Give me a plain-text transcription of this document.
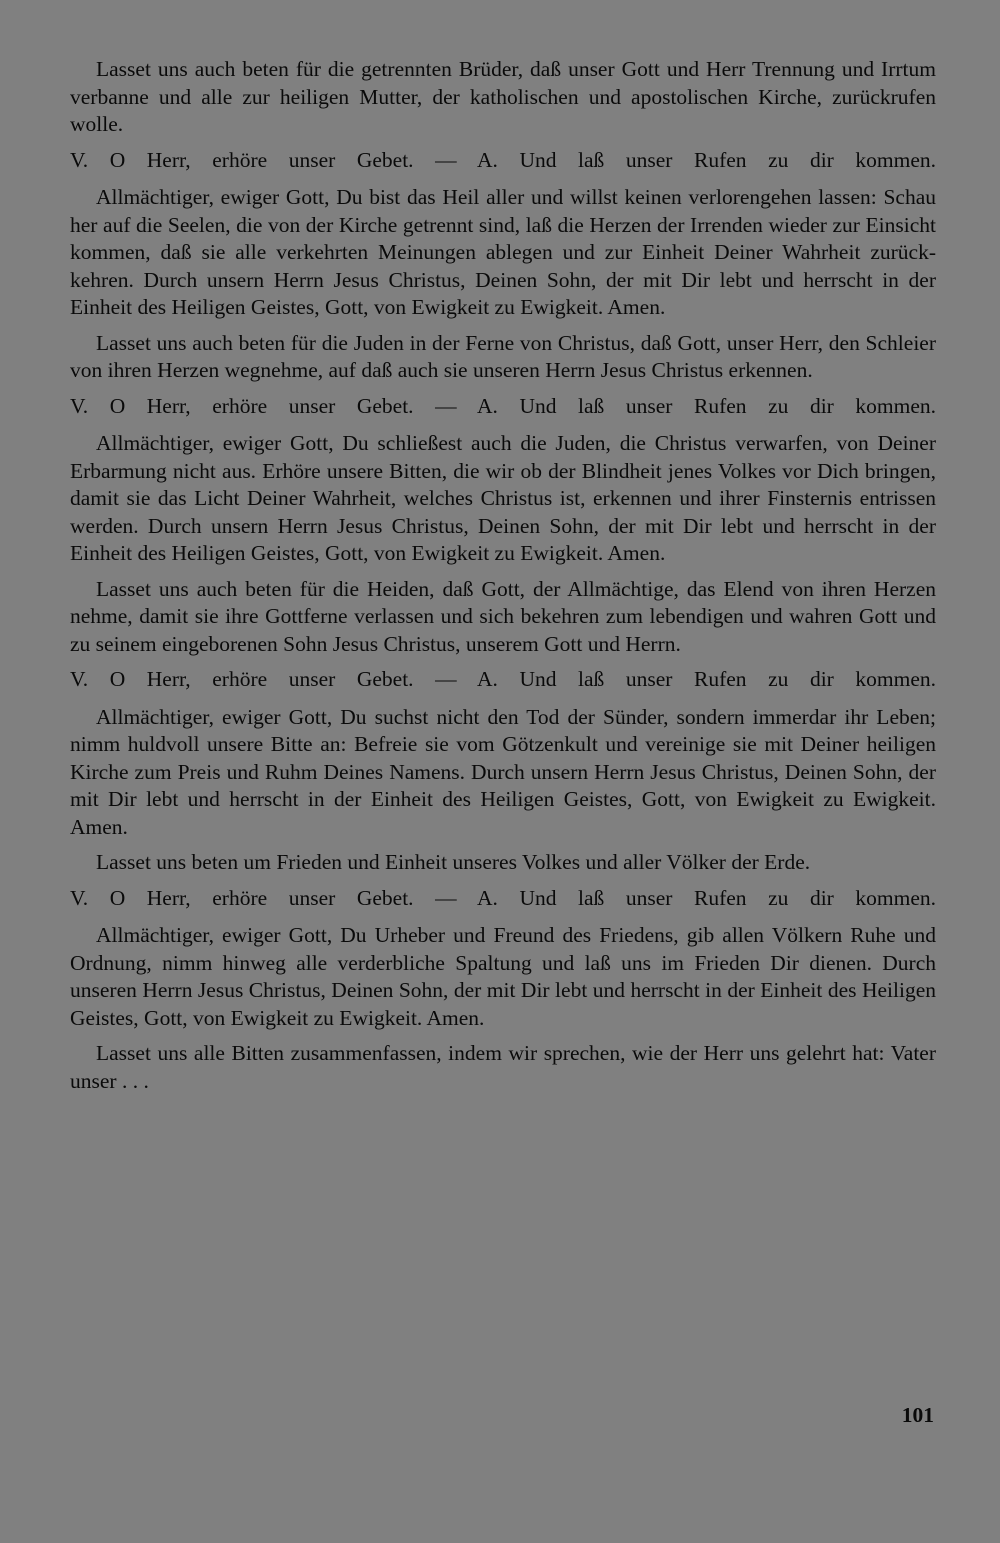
Lasset uns auch beten für die getrennten Brüder, daß unser Gott und Herr Trennung und Irrtum verbanne und alle zur heiligen Mutter, der katholischen und apostolischen Kirche, zurückrufen wolle.

V. O Herr, erhöre unser Gebet. — A. Und laß unser Rufen zu dir kommen.

Allmächtiger, ewiger Gott, Du bist das Heil aller und willst keinen verlorengehen lassen: Schau her auf die Seelen, die von der Kirche getrennt sind, laß die Herzen der Irrenden wieder zur Einsicht kommen, daß sie alle verkehrten Meinungen ablegen und zur Einheit Deiner Wahrheit zurückkehren. Durch unsern Herrn Jesus Christus, Deinen Sohn, der mit Dir lebt und herrscht in der Einheit des Heiligen Geistes, Gott, von Ewigkeit zu Ewigkeit. Amen.

Lasset uns auch beten für die Juden in der Ferne von Christus, daß Gott, unser Herr, den Schleier von ihren Herzen wegnehme, auf daß auch sie unseren Herrn Jesus Christus erkennen.

V. O Herr, erhöre unser Gebet. — A. Und laß unser Rufen zu dir kommen.

Allmächtiger, ewiger Gott, Du schließest auch die Juden, die Christus verwarfen, von Deiner Erbarmung nicht aus. Erhöre unsere Bitten, die wir ob der Blindheit jenes Volkes vor Dich bringen, damit sie das Licht Deiner Wahrheit, welches Christus ist, erkennen und ihrer Finsternis entrissen werden. Durch unsern Herrn Jesus Christus, Deinen Sohn, der mit Dir lebt und herrscht in der Einheit des Heiligen Geistes, Gott, von Ewigkeit zu Ewigkeit. Amen.

Lasset uns auch beten für die Heiden, daß Gott, der Allmächtige, das Elend von ihren Herzen nehme, damit sie ihre Gottferne verlassen und sich bekehren zum lebendigen und wahren Gott und zu seinem eingeborenen Sohn Jesus Christus, unserem Gott und Herrn.

V. O Herr, erhöre unser Gebet. — A. Und laß unser Rufen zu dir kommen.

Allmächtiger, ewiger Gott, Du suchst nicht den Tod der Sünder, sondern immerdar ihr Leben; nimm huldvoll unsere Bitte an: Befreie sie vom Götzenkult und vereinige sie mit Deiner heiligen Kirche zum Preis und Ruhm Deines Namens. Durch unsern Herrn Jesus Christus, Deinen Sohn, der mit Dir lebt und herrscht in der Einheit des Heiligen Geistes, Gott, von Ewigkeit zu Ewigkeit. Amen.

Lasset uns beten um Frieden und Einheit unseres Volkes und aller Völker der Erde.

V. O Herr, erhöre unser Gebet. — A. Und laß unser Rufen zu dir kommen.

Allmächtiger, ewiger Gott, Du Urheber und Freund des Friedens, gib allen Völkern Ruhe und Ordnung, nimm hinweg alle verderbliche Spaltung und laß uns im Frieden Dir dienen. Durch unseren Herrn Jesus Christus, Deinen Sohn, der mit Dir lebt und herrscht in der Einheit des Heiligen Geistes, Gott, von Ewigkeit zu Ewigkeit. Amen.

Lasset uns alle Bitten zusammenfassen, indem wir sprechen, wie der Herr uns gelehrt hat: Vater unser . . .

101
